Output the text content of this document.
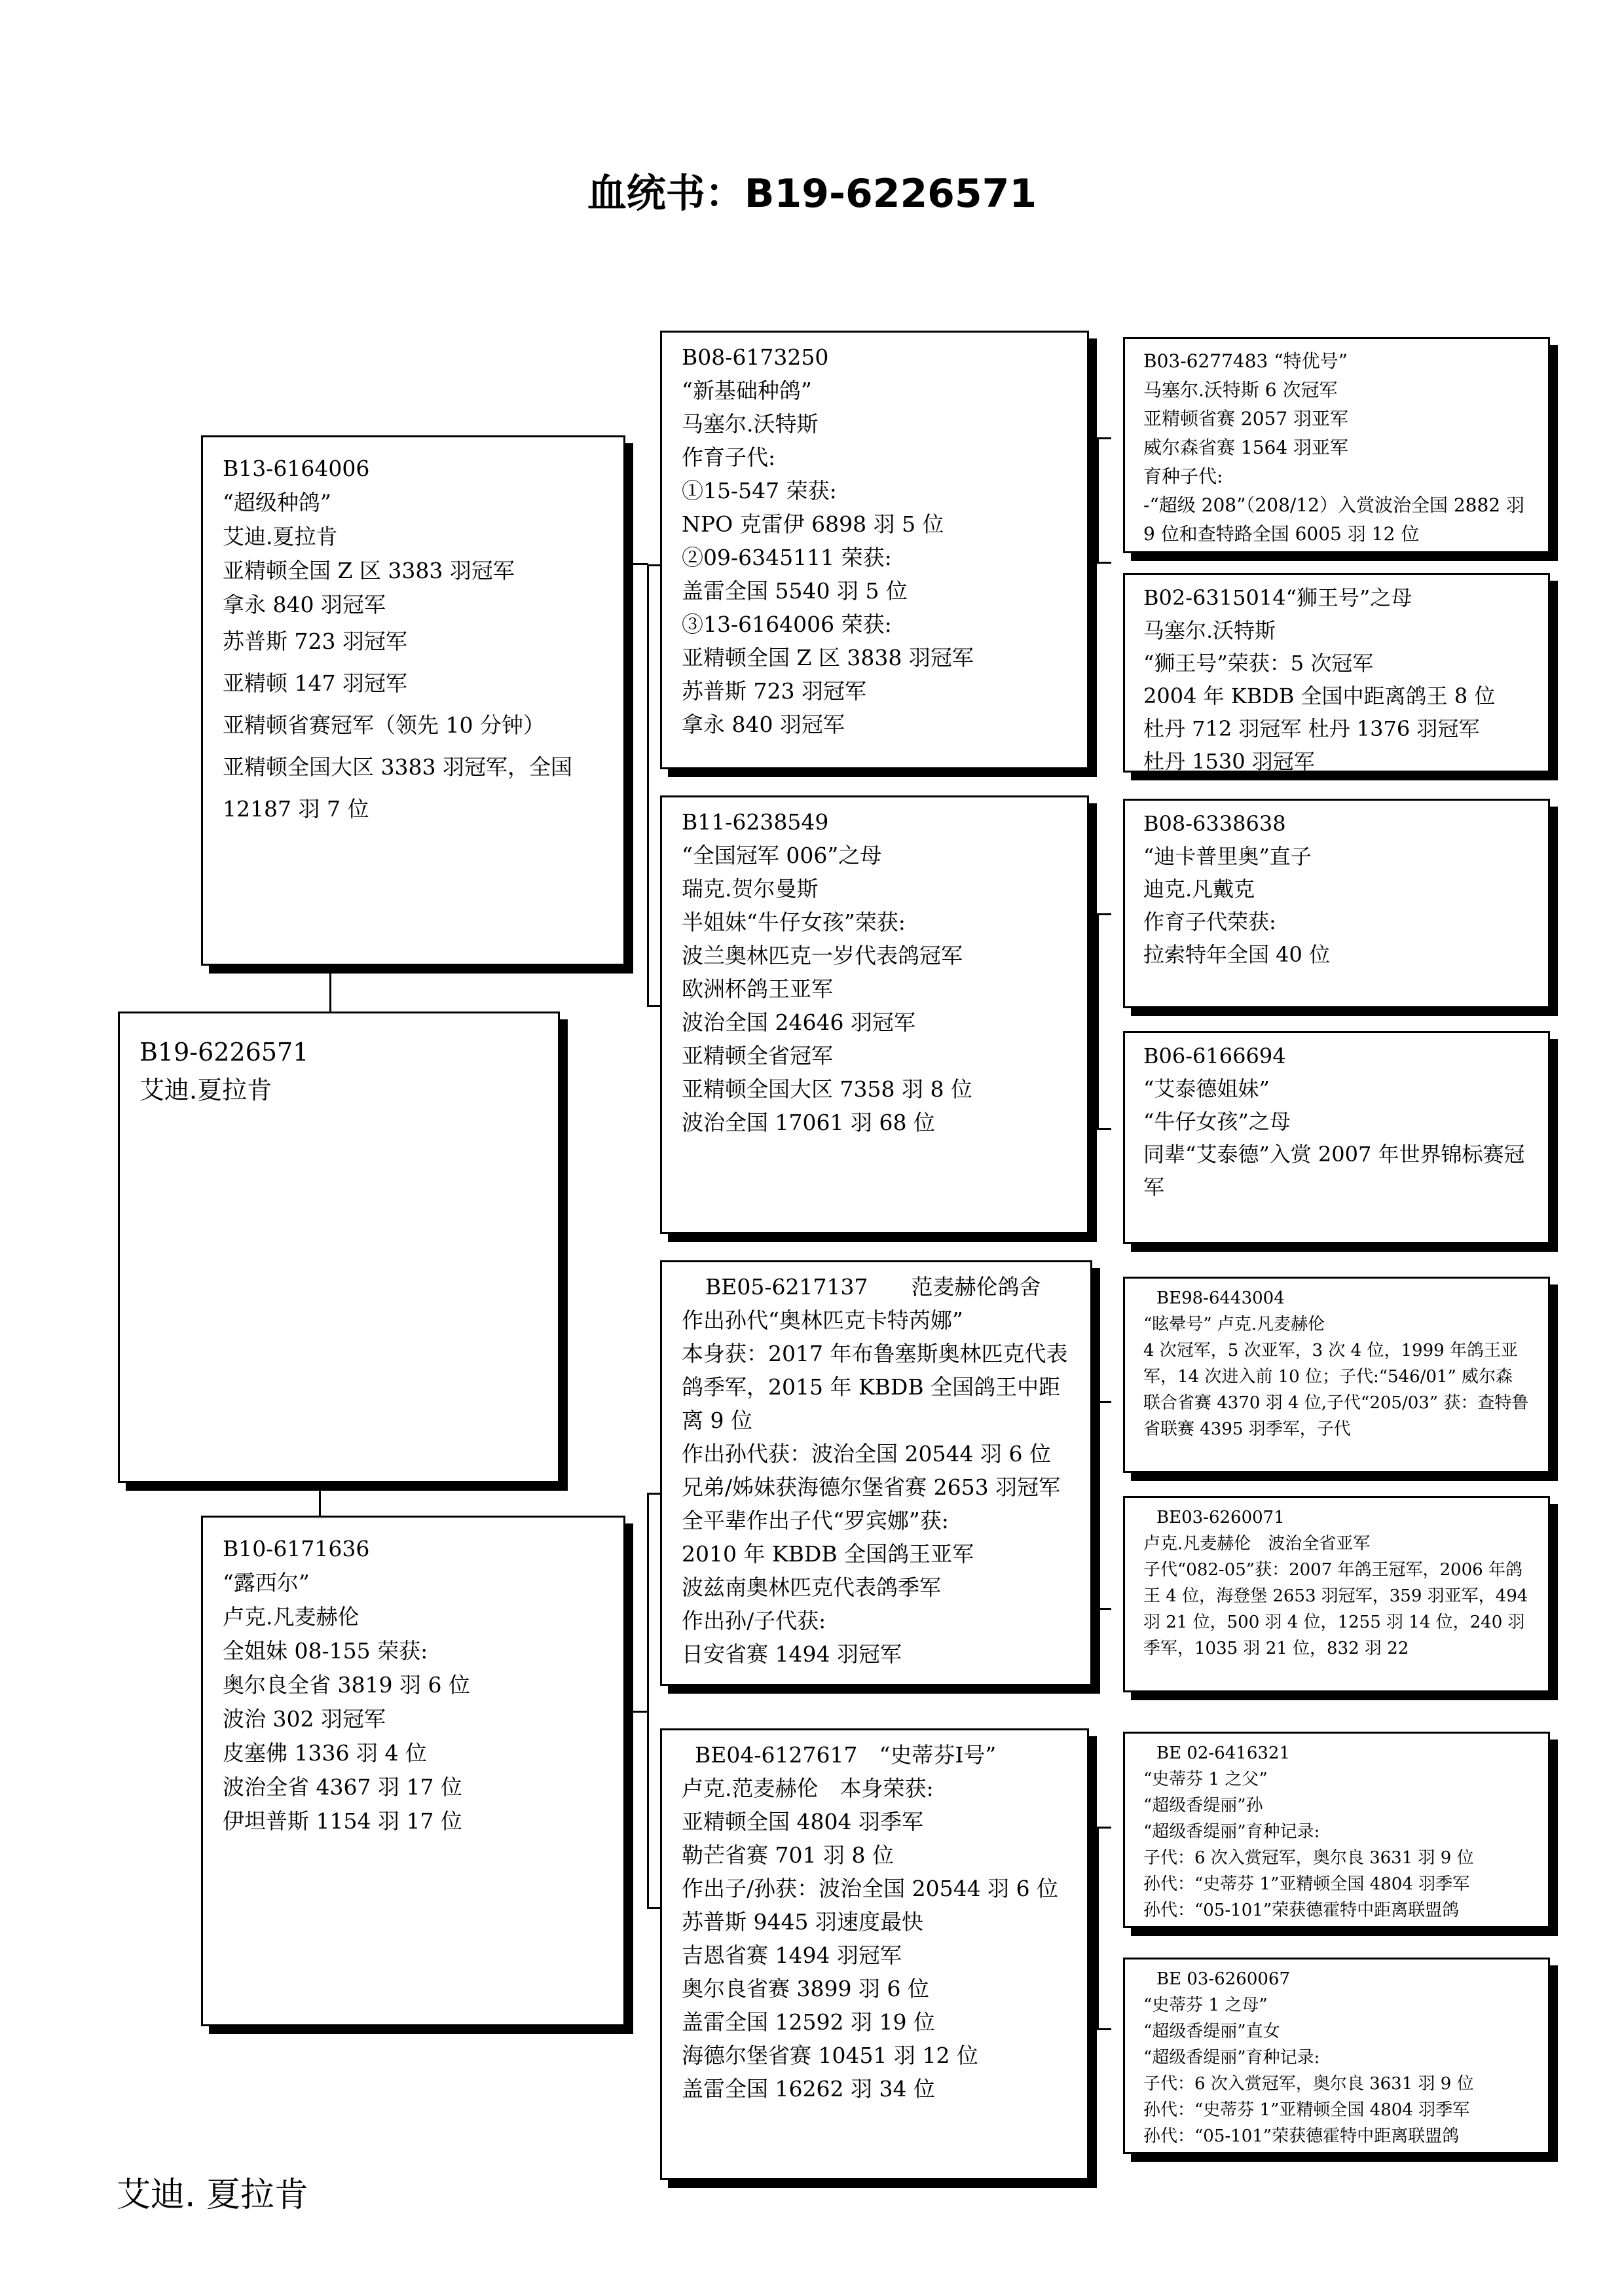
血统书：B19-6226571
B19-6226571
艾迪.夏拉肯
B13-6164006
“超级种鸽”
艾迪.夏拉肯
亚精顿全国 Z 区 3383 羽冠军
拿永 840 羽冠军
苏普斯 723 羽冠军
亚精顿 147 羽冠军
亚精顿省赛冠军（领先 10 分钟）
亚精顿全国大区 3383 羽冠军，全国
12187 羽 7 位
B10-6171636
“露西尔”
卢克.凡麦赫伦
全姐妹 08-155 荣获:
奥尔良全省 3819 羽 6 位
波治 302 羽冠军
皮塞佛 1336 羽 4 位
波治全省 4367 羽 17 位
伊坦普斯 1154 羽 17 位
B08-6173250
“新基础种鸽”
马塞尔.沃特斯
作育子代:
①15-547 荣获:
NPO 克雷伊 6898 羽 5 位
②09-6345111 荣获:
盖雷全国 5540 羽 5 位
③13-6164006 荣获:
亚精顿全国 Z 区 3838 羽冠军
苏普斯 723 羽冠军
拿永 840 羽冠军
B11-6238549
“全国冠军 006”之母
瑞克.贺尔曼斯
半姐妹“牛仔女孩”荣获:
波兰奥林匹克一岁代表鸽冠军
欧洲杯鸽王亚军
波治全国 24646 羽冠军
亚精顿全省冠军
亚精顿全国大区 7358 羽 8 位
波治全国 17061 羽 68 位
BE05-6217137　　范麦赫伦鸽舍
作出孙代“奥林匹克卡特芮娜”
本身获：2017 年布鲁塞斯奥林匹克代表鸽季军，2015 年 KBDB 全国鸽王中距离 9 位
作出孙代获：波治全国 20544 羽 6 位
兄弟/姊妹获海德尔堡省赛 2653 羽冠军
全平辈作出子代“罗宾娜”获:
2010 年 KBDB 全国鸽王亚军
波兹南奥林匹克代表鸽季军
作出孙/子代获:
日安省赛 1494 羽冠军
BE04-6127617　“史蒂芬Ⅰ号”
卢克.范麦赫伦　本身荣获:
亚精顿全国 4804 羽季军
勒芒省赛 701 羽 8 位
作出子/孙获：波治全国 20544 羽 6 位
苏普斯 9445 羽速度最快
吉恩省赛 1494 羽冠军
奥尔良省赛 3899 羽 6 位
盖雷全国 12592 羽 19 位
海德尔堡省赛 10451 羽 12 位
盖雷全国 16262 羽 34 位
B03-6277483 “特优号”
马塞尔.沃特斯 6 次冠军
亚精顿省赛 2057 羽亚军
威尔森省赛 1564 羽亚军
育种子代:
-“超级 208”（208/12）入赏波治全国 2882 羽 9 位和查特路全国 6005 羽 12 位
B02-6315014“狮王号”之母
马塞尔.沃特斯
“狮王号”荣获：5 次冠军
2004 年 KBDB 全国中距离鸽王 8 位
杜丹 712 羽冠军 杜丹 1376 羽冠军
杜丹 1530 羽冠军
B08-6338638
“迪卡普里奥”直子
迪克.凡戴克
作育子代荣获:
拉索特年全国 40 位
B06-6166694
“艾泰德姐妹”
“牛仔女孩”之母
同辈“艾泰德”入赏 2007 年世界锦标赛冠军
BE98-6443004
“眩晕号” 卢克.凡麦赫伦
4 次冠军，5 次亚军，3 次 4 位，1999 年鸽王亚军，14 次进入前 10 位；子代:“546/01” 威尔森联合省赛 4370 羽 4 位,子代“205/03” 获：查特鲁省联赛 4395 羽季军，子代
BE03-6260071
卢克.凡麦赫伦　波治全省亚军
子代“082-05”获：2007 年鸽王冠军，2006 年鸽王 4 位，海登堡 2653 羽冠军，359 羽亚军，494 羽 21 位，500 羽 4 位，1255 羽 14 位，240 羽季军，1035 羽 21 位，832 羽 22
BE 02-6416321
“史蒂芬 1 之父”
“超级香缇丽”孙
“超级香缇丽”育种记录:
子代：6 次入赏冠军，奥尔良 3631 羽 9 位
孙代：“史蒂芬 1”亚精顿全国 4804 羽季军
孙代：“05-101”荣获德霍特中距离联盟鸽
BE 03-6260067
“史蒂芬 1 之母”
“超级香缇丽”直女
“超级香缇丽”育种记录:
子代：6 次入赏冠军，奥尔良 3631 羽 9 位
孙代：“史蒂芬 1”亚精顿全国 4804 羽季军
孙代：“05-101”荣获德霍特中距离联盟鸽
艾迪. 夏拉肯
